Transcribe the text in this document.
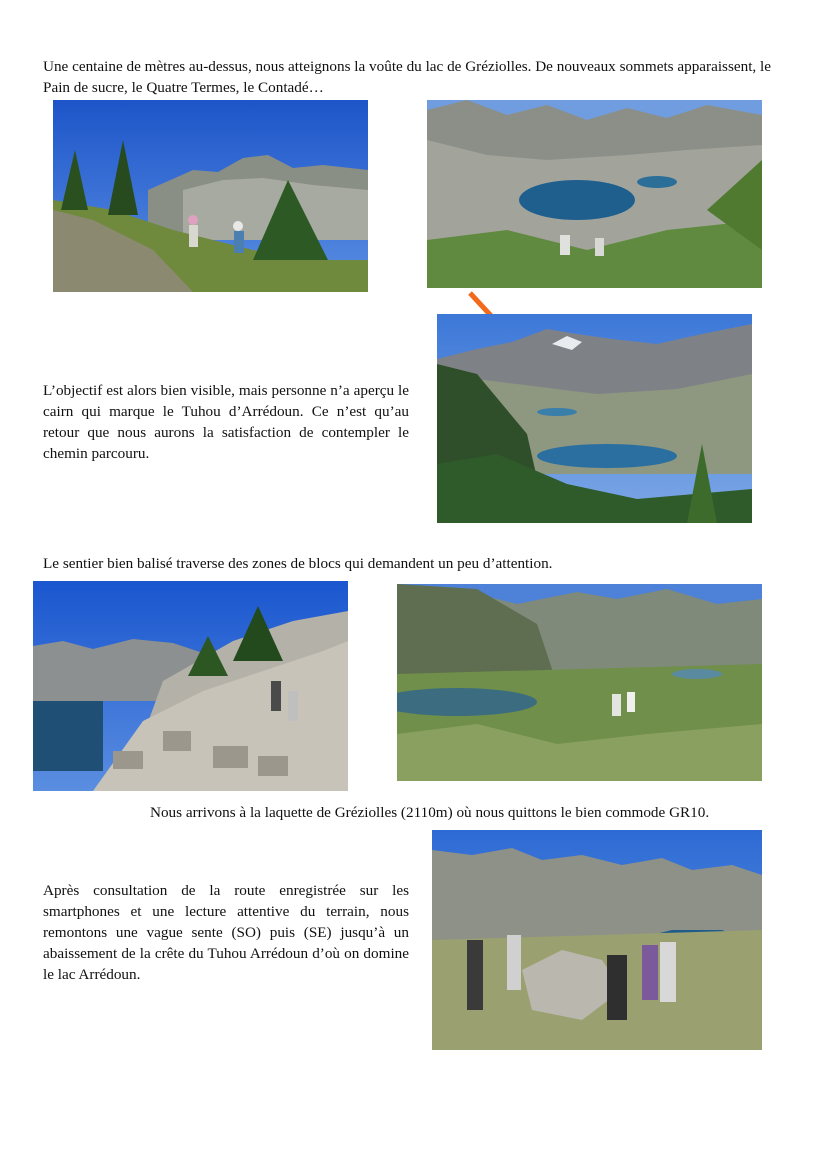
Une centaine de mètres au-dessus, nous atteignons la voûte du lac de Gréziolles. De nouveaux sommets apparaissent, le Pain de sucre, le Quatre Termes, le Contadé…

L’objectif est alors bien visible, mais personne n’a aperçu le cairn qui marque le Tuhou d’Arrédoun. Ce n’est qu’au retour que nous aurons la satisfaction de contempler le chemin parcouru.

Le sentier bien balisé traverse des zones de blocs qui demandent un peu d’attention.

Nous arrivons à la laquette de Gréziolles (2110m) où nous quittons le bien commode GR10.

Après consultation de la route enregistrée sur les smartphones et une lecture attentive du terrain, nous remontons une vague sente (SO) puis (SE) jusqu’à un abaissement de la crête du Tuhou Arrédoun d’où on domine le lac Arrédoun.
